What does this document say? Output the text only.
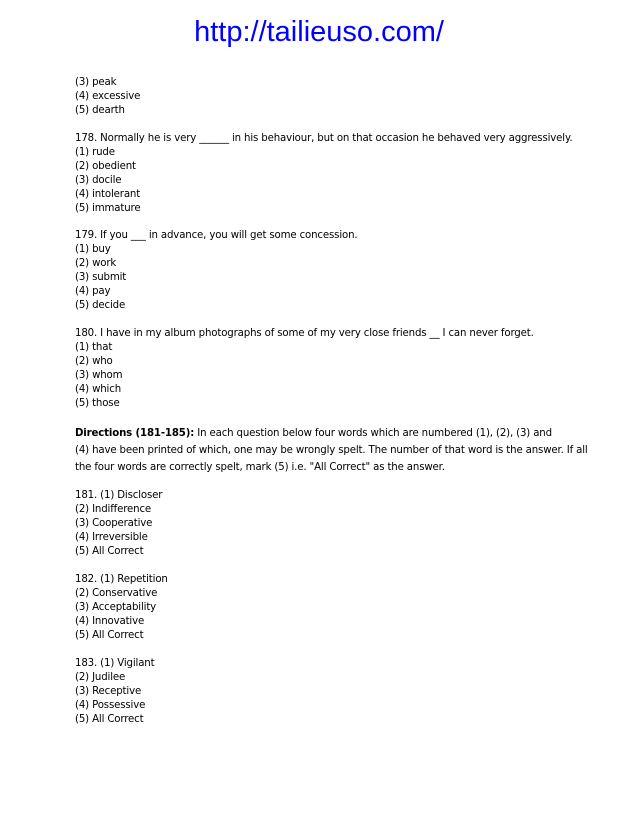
http://tailieuso.com/
(3) peak
(4) excessive
(5) dearth
178. Normally he is very ______ in his behaviour, but on that occasion he behaved very aggressively.
(1) rude
(2) obedient
(3) docile
(4) intolerant
(5) immature
179. If you ___ in advance, you will get some concession.
(1) buy
(2) work
(3) submit
(4) pay
(5) decide
180. I have in my album photographs of some of my very close friends __ I can never forget.
(1) that
(2) who
(3) whom
(4) which
(5) those
Directions (181-185): In each question below four words which are numbered (1), (2), (3) and
(4) have been printed of which, one may be wrongly spelt. The number of that word is the answer. If all
the four words are correctly spelt, mark (5) i.e. "All Correct" as the answer.
181. (1) Discloser
(2) Indifference
(3) Cooperative
(4) Irreversible
(5) All Correct
182. (1) Repetition
(2) Conservative
(3) Acceptability
(4) Innovative
(5) All Correct
183. (1) Vigilant
(2) Judilee
(3) Receptive
(4) Possessive
(5) All Correct
